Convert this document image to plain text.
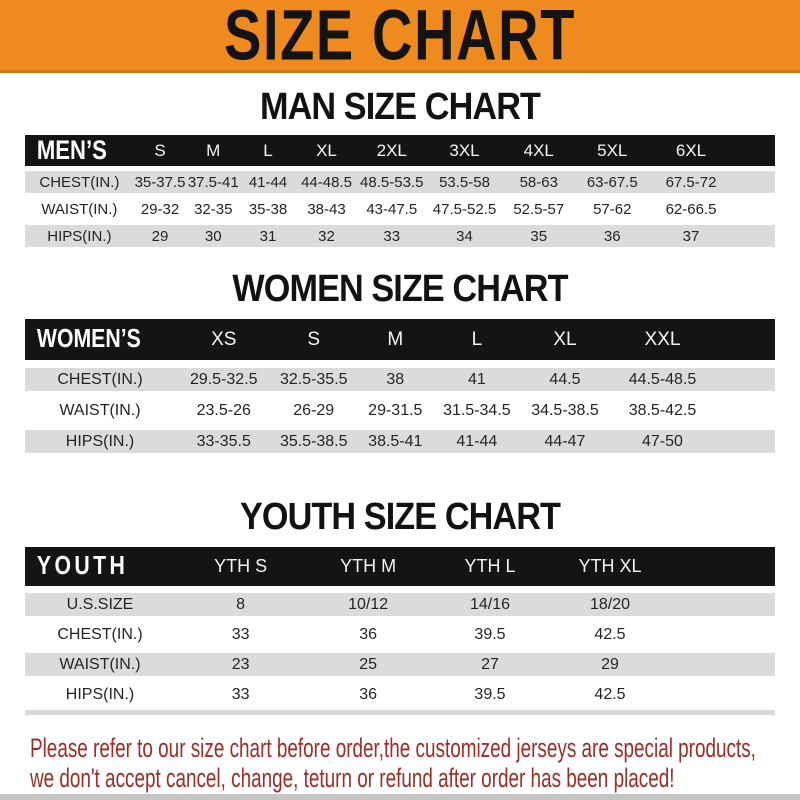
SIZE CHART
MAN SIZE CHART
MEN’S	S	M	L	XL	2XL	3XL	4XL	5XL	6XL
CHEST(IN.)	35-37.5 37.5-41 41-44 44-48.5 48.5-53.5	53.5-58	58-63	63-67.5	67.5-72
WAIST(IN.)	29-32 32-35	35-38	38-43	43-47.5	47.5-52.5	52.5-57	57-62	62-66.5
HIPS(IN.)	29	30	31	32	33	34	35	36	37
WOMEN SIZE CHART
WOMEN’S	XS	S	M	L	XL	XXL
CHEST(IN.)	29.5-32.5	32.5-35.5	38	41	44.5	44.5-48.5
WAIST(IN.)	23.5-26	26-29	29-31.5	31.5-34.5	34.5-38.5	38.5-42.5
HIPS(IN.)	33-35.5	35.5-38.5	38.5-41	41-44	44-47	47-50
YOUTH SIZE CHART
YOUTH	YTH S	YTH M	YTH L	YTH XL
U.S.SIZE	8	10/12	14/16	18/20
CHEST(IN.)	33	36	39.5	42.5
WAIST(IN.)	23	25	27	29
HIPS(IN.)	33	36	39.5	42.5

Please refer to our size chart before order,the customized jerseys are special products,

we don't accept cancel, change, teturn or refund after order has been placed!
